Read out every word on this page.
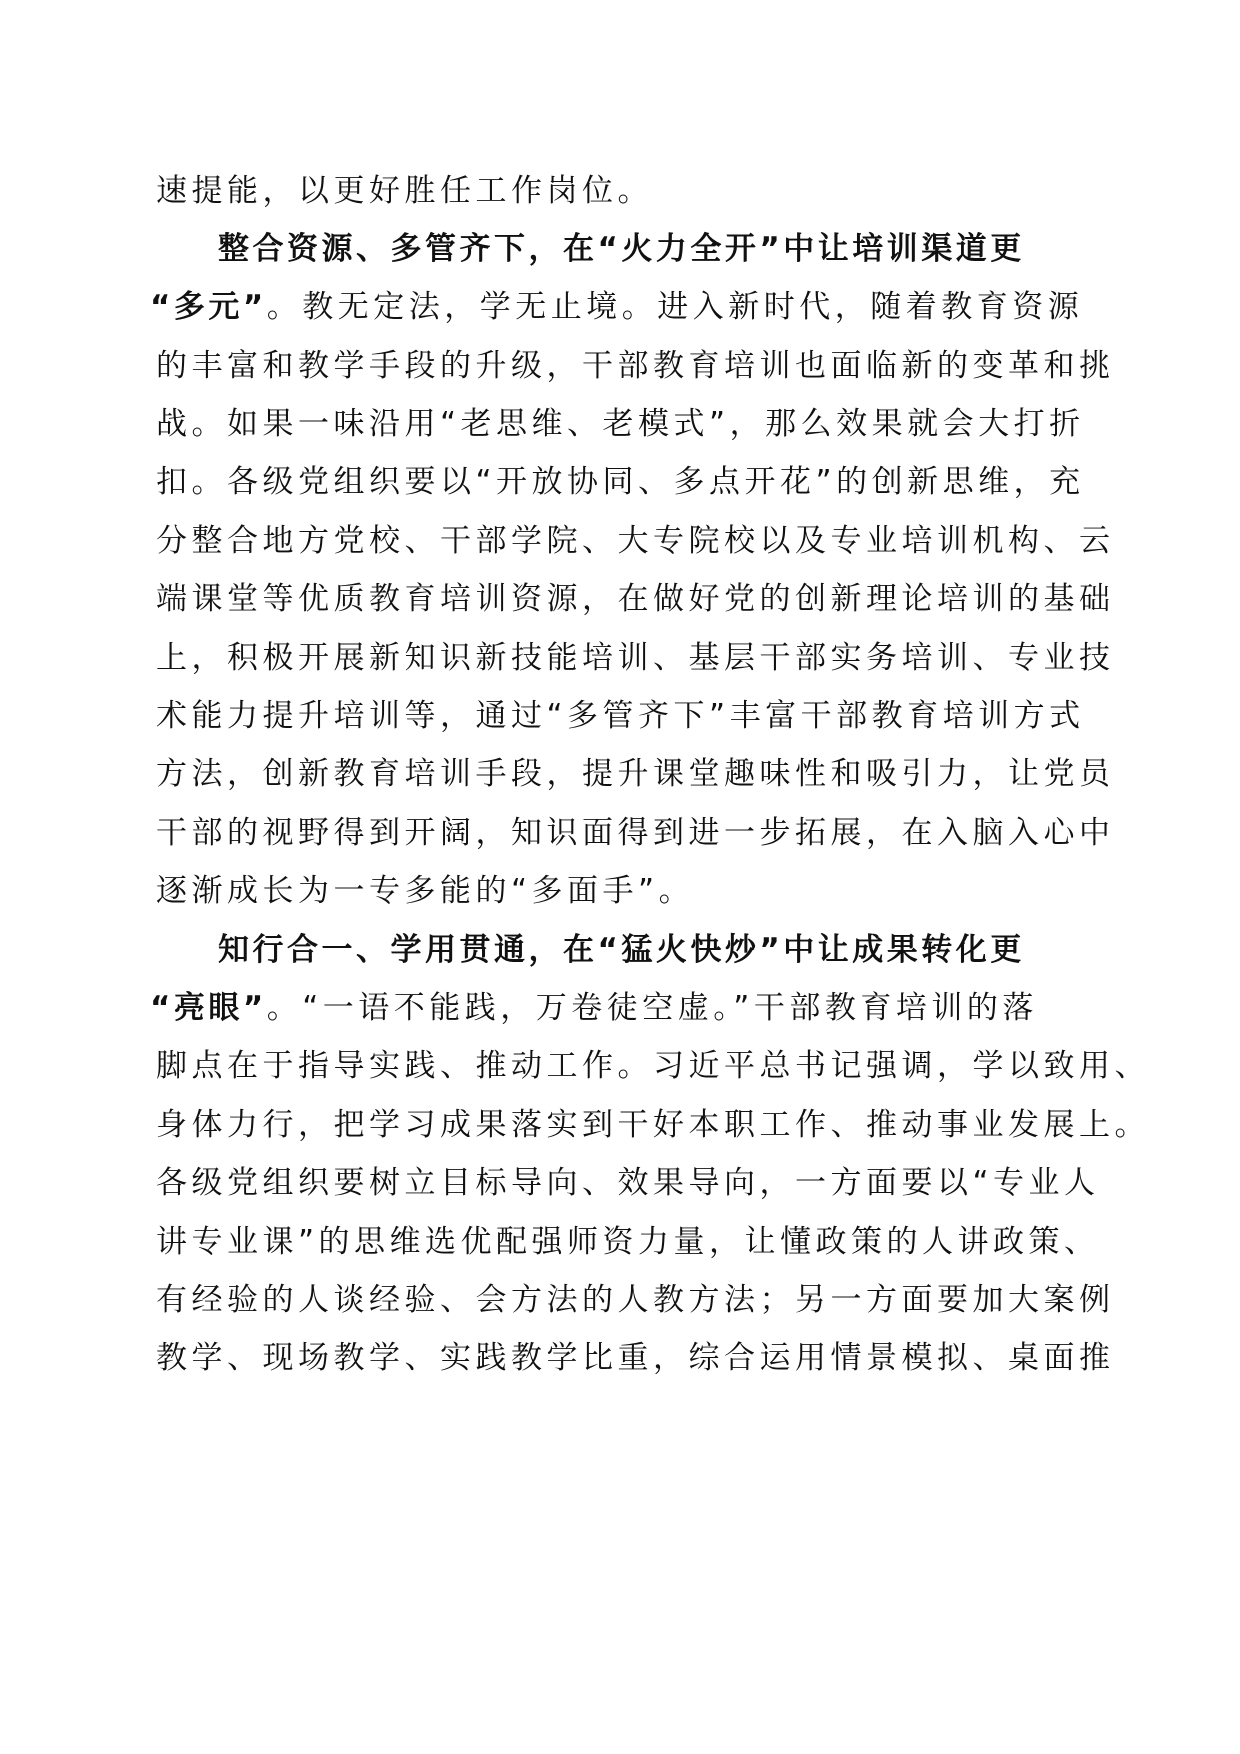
速提能，以更好胜任工作岗位。
整合资源、多管齐下，在“火力全开”中让培训渠道更
“多元”。教无定法，学无止境。进入新时代，随着教育资源
的丰富和教学手段的升级，干部教育培训也面临新的变革和挑
战。如果一味沿用“老思维、老模式”，那么效果就会大打折
扣。各级党组织要以“开放协同、多点开花”的创新思维，充
分整合地方党校、干部学院、大专院校以及专业培训机构、云
端课堂等优质教育培训资源，在做好党的创新理论培训的基础
上，积极开展新知识新技能培训、基层干部实务培训、专业技
术能力提升培训等，通过“多管齐下”丰富干部教育培训方式
方法，创新教育培训手段，提升课堂趣味性和吸引力，让党员
干部的视野得到开阔，知识面得到进一步拓展，在入脑入心中
逐渐成长为一专多能的“多面手”。
知行合一、学用贯通，在“猛火快炒”中让成果转化更
“亮眼”。“一语不能践，万卷徒空虚。”干部教育培训的落
脚点在于指导实践、推动工作。习近平总书记强调，学以致用、
身体力行，把学习成果落实到干好本职工作、推动事业发展上。
各级党组织要树立目标导向、效果导向，一方面要以“专业人
讲专业课”的思维选优配强师资力量，让懂政策的人讲政策、
有经验的人谈经验、会方法的人教方法；另一方面要加大案例
教学、现场教学、实践教学比重，综合运用情景模拟、桌面推
